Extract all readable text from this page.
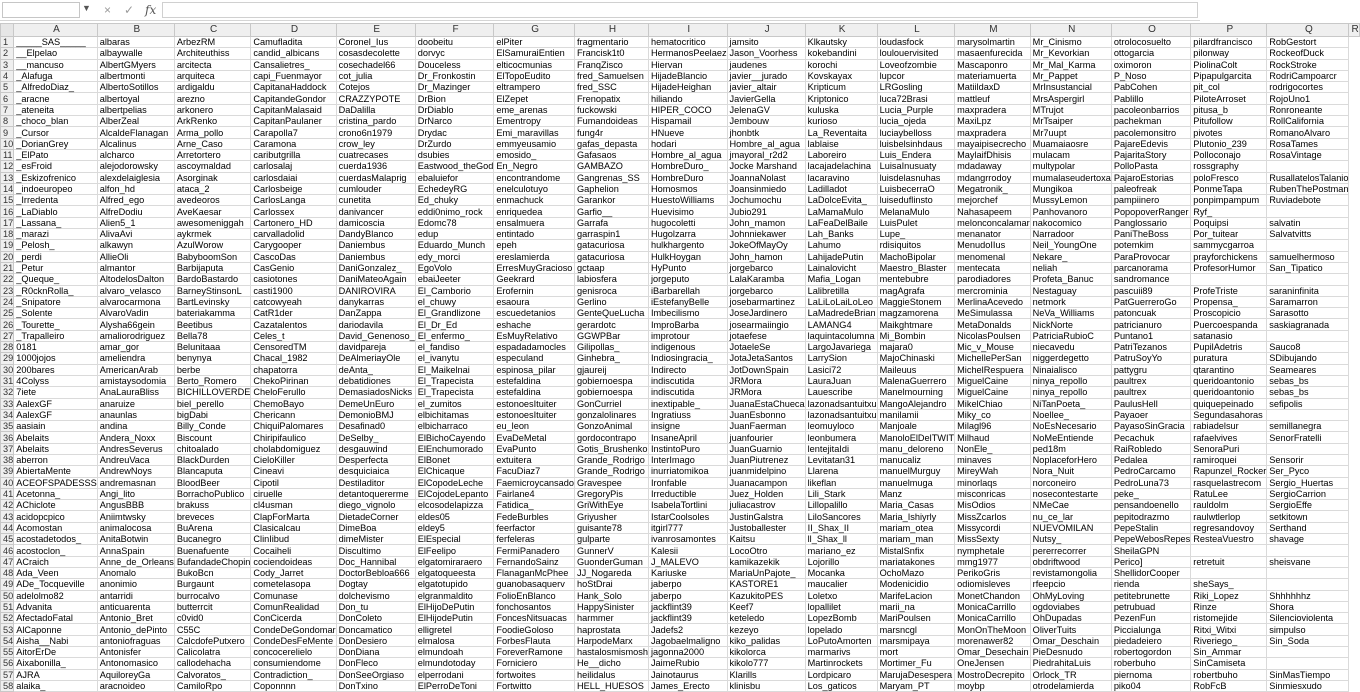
▼ × ✓ fx
	A	B	C	D	E	F	G	H	I	J	K	L	M	N	O	P	Q	R
1	_____SAS_____	albaras	ArbezRM	Camufladita	Coronel_Ius	doobeitu	elPiter	fragmentario	hematocritico	jamsito	Klkautsky	loudasfock	marysolmartin	Mr_Cinismo	otrolocosuelto	pilardfrancisco	RobGestort	
2	__Elpelao	albaywalle	Architeuthiss	candid_albicans	cosasdecolette	dorvyc	ElSamuraiEntien	Francisk1t0	HermanosPeelaez	Jason_Voorhess	kokebandini	loulouervisited	masaenfurecida	Mr_Kevorkian	ottogarcia	pilonway	RockeofDuck	
3	__mancuso	AlbertGMyers	arcitecta	Cansalietres_	cosechadel66	Douceless	elticocmunias	FranqZisco	Hiervan	jaudenes	korochi	Loveofzombie	Mascaponro	Mr_Mal_Karma	oximoron	PiolinaColt	RockStroke	
4	_Alafuga	albertmonti	arquiteca	capi_Fuenmayor	cot_julia	Dr_Fronkostin	ElTopoEudito	fred_Samuelsen	HijadeBlancio	javier__jurado	Kovskayax	lupcor	materiamuerta	Mr_Pappet	P_Noso	Pipapulgarcita	RodriCampoarcr	
5	_AlfredoDiaz_	AlbertoSotillos	ardigaldu	CapitanaHaddock	Cotejos	Dr_Mazinger	eltrampero	fred_SSC	HijadeHeighan	javier_altair	Kripticum	LRGosling	MatiildaxD	MrInsustancial	PabCohen	pit_col	rodrigocortes	
6	_aracne	albertoyal	arezno	CapitandeGondor	CRAZZYPOTE	DrBion	ElZepet	Frenopatix	hiliando	JavierGella	Kriptonico	luca72Brasi	mattleuf	MrsAspergirl	Pablillo	PiloteArroset	RojoUno1	
7	_ateneita	albertpelias	arkonero	CapitanMalasaid	DaDalilla	DrDiablo	eme_arenas	fuckowski	HIPER_COCO	JelenaGV	kuluska	Lucia_Purple	maxpradera	MTrujot	pacoleonbarrios	pitusa_b	Ronroneante	
8	_choco_blan	AlberZeal	ArkRenko	CapitanPaulaner	cristina_pardo	DrNarco	Ementropy	Fumandoideas	Hispamail	Jembouw	kurioso	lucia_ojeda	MaxiLpz	MrTsaiper	pachekman	Pitufollow	RollCalifornia	
9	_Cursor	AlcaldeFlanagan	Arma_pollo	Carapolla7	crono6n1979	Drydac	Emi_maravillas	fung4r	HNueve	jhonbtk	La_Reventaita	luciaybelloss	maxpradera	Mr7uupt	pacolemonsitro	pivotes	RomanoAlvaro	
10	_DorianGrey	Alcalinus	Arne_Caso	Caramona	crow_ley	DrZurdo	emmyeusamio	gafas_depasta	hodari	Hombre_al_agua	lablaise	luisbelsinhdaus	mayaipisecrecho	Muamaiaosre	PajareEdevis	Plutonio_239	RosaTames	
11	_ElPato	alcharco	Arretortero	caributgrilla	cuatrecases	dsubies	emosido_	Gafasaos	Hombre_al_agua	jmayoral_r2d2	Laboreiro	Luis_Endera	MaylaifDhisis	mulacam	PajaritaStory	Polloconajo	RosaVintage	
12	_esFroid	alejodorowsky	ascoymaldad	carlosalaj	cuerda1936	Eastwood_theGod	En_Negro	GAMBAZO	HombreDuro_	Jocke Marshand	lacajadelachina	LuisaInusuaty	mdadaway	multypolar	PolloPasta	rossgraphy		
13	_Eskizofrenico	alexdelaiglesia	Asorginak	carlosdaiai	cuerdasMalaprig	ebaluiefor	encontrandome	Gangrenas_SS	HombreDuro	JoannaNolast	lacaravino	luisdelasnuhas	mdangrrodoy	mumalaseudertoxa	PajaroEstorias	poloFresco	RusallatelosTalanio	
14	_indoeuropeo	alfon_hd	ataca_2	Carlosbeige	cumlouder	EchedeyRG	enelculotuyo	Gaphelion	Homosmos	Joansinmiedo	Ladilladot	LuisbecerraO	Megatronik_	Mungikoa	paleofreak	PonmeTapa	RubenThePostman	
15	_Irredenta	Alfred_ego	avedeoros	CarlosLanga	cunetita	Ed_chuky	enmachuck	Garankor	HuestoWilliams	Jochumochu	LaDolceEvita_	luiseduflinsto	mejorchef	MussyLemon	pampiinero	ponpimpampum	Ruviadebote	
16	_LaDiablo	AlfreDodiu	AveKaesar	Carlossex	danivancer	eddi0nimo_rock	enriquedea	Garfio__	Huevisimo	Jubio291	LaMamaMulo	MelanaMulo	Nahasapeem	Panhovanoro	PopopoverRanger	Ryf_		
17	_Lassana_	Alien5_1	awesomeniggah	Cartonero_HD	damicoscia	Edomc78	ensalmuera	Garrafa	hugocoletti	John_mamon	LaFeaDelBaile	LuisPulet	melonconcalamar	nakocomico	Panglossario	Poquipsi	salvatin	
18	_marazi	AlivaAvi	aykrmek	carvalladolid	DandyBlanco	edup	entintado	garraspin1	Hugolzarra	Johnniekawer	Lah_Banks	Lupe_	menanator	Narradoor	PaniTheBoss	Por_tuitear	Salvatvitts	
19	_Pelosh_	alkawyn	AzulWorow	Carygooper	Daniembus	Eduardo_Munch	epeh	gatacuriosa	hulkhargento	JokeOfMayOy	Lahumo	rdisiquitos	MenudoIIus	Neil_YoungOne	potemkim	sammycgarroa		
20	_perdi	AllieOli	BabyboomSon	CascoDas	Daniembus	edy_morci	ereslamierda	gatacuriosa	HulkHoygan	John_hamon	LahijadePutin	MachoBipolar	menomenal	Nekare_	ParaProvocar	prayforchickens	samuelhermoso	
21	_Petur	almantor	Barbijaputa	CasGenio	DaniGonzalez_	EgoVolo	ErresMuyGracioso	gctaap	HyPunto	jorgebarco	Lainalovicht	Maestro_Blaster	mentecata	neliah	parcanorama	ProfesorHumor	San_Tipatico	
22	_Queque_	AltodelosDalton	BardoBastardo	casiotones	DaniMateoAgain	ebaiJeeter	Geekrard	labiosfera	jorgeputo	LalaKaramba	Mafia_Logan	mentebubre	parodiadores	Profeta_Banuc	sandromance			
23	_R0cknRolla_	alvaro_velasco	BarneyStinsonL	casti1900	DANIROVIRA	El_Camborio	Erofernin	genisroca	iBarbarellah	jorgebarco	Lalibretilla	magAgrafa	mercrominia	Nestaguay	pascuii89	ProfeTriste	saraninfinita	
24	_Snipatore	alvarocarmona	BartLevinsky	catcowyeah	danykarras	el_chuwy	esaoura	Gerlino	iEstefanyBelle	josebarmartinez	LaLiLoLaiLoLeo	MaggieStonem	MerlinaAcevedo	netmork	PatGuerreroGo	Propensa_	Saramarron	
25	_Solente	AlvaroVadin	bateriakamma	CatR1der	DanZappa	El_Grandlizone	escuedetanios	GenteQueLucha	Imbecilismo	JoseJardinero	LaMadredeBrian	magzamorena	MeSimulassa	NeVa_Williams	patoncuak	Proscopicio	Sarasotto	
26	_Tourette_	Alysha66gein	Beetibus	Cazatalentos	dariodavila	El_Dr_Ed	eshache	gerardotc	ImproBarba	josearmaiingio	LAMANG4	Maikghtmare	MetaDonalds	NickNorte	patricianuro	Puercoespanda	saskiagranada	
27	_Trapalleiro	amaliorodriguez	Bella78	Celes_t	David_Genenoso_	El_enfermo_	EsMuyRelativo	GGWPBar	improtour	jotaefese	laquintacolumna	Mi_Bombin	NicolasPoulsen	PatriciaRubioC	Puntano1	satanasio		
28	0181	amar_gor	Belunitaaa	CensoredTM	davidpareja	el_fandiso	espadadamocles	Gilipollas_	indigenous	JotaeleSe	LargoJavariega	majara0	Mic_v_Mouse	niecavedu	PatriTezanos	PupilAdetris	Sauco8	
29	1000jojos	ameliendra	benynya	Chacal_1982	DeAlmeriayOle	el_ivanytu	especuland	Ginhebra_	Indiosingracia_	JotaJetaSantos	LarrySion	MajoChinaski	MichellePerSan	niggerdegetto	PatruSoyYo	puratura	SDibujando	
30	200bares	AmericanArab	berbe	chapatorra	deAnta_	El_Maikelnai	espinosa_pilar	gjaureij	Indirecto	JotDownSpain	Lasici72	Maileuus	MichelRespuera	Ninaialisco	pattygru	qtarantino	Seameares	
31	4Colyss	amistaysodomia	Berto_Romero	ChekoPirinan	debatidiones	El_Trapecista	estefaldina	gobiernoespa	indiscutida	JRMora	LauraJuan	MalenaGuerrero	MiguelCaine	ninya_repollo	paultrex	queridoantonio	sebas_bs	
32	7iete	AnaLauraBliss	BICHILLOVERDE	CheloFerullo	DemasiadosNicks	El_Trapecista	estefaldina	gobiernoespa	indiscutida	JRMora	Lauescribe	Manelmourning	MiguelCaine	ninya_repollo	paultrex	queridoantonio	sebas_bs	
33	AalexGF	anaruize	biel_perello	ChemoBayo	DemeUnEuro	el_zumitos	estonoesItuiter	GonCurriel	inextipable_	JuanaEstaChueca	lazonadsantuitxu	MangoAlejandro	MikelChiao	NiTanPoeta_	PaulusHell	quiquepeinado	sefipolis	
34	AalexGF	anaunlas	bigDabi	Chericann	DemonioBMJ	elbichitamas	estonoesItuiter	gonzalolinares	Ingratiuss	JuanEsbonno	lazonadsantuitxu	manilamii	Miky_co	Noellee_	Payaoer	Segundasahoras		
35	aasiain	andina	Billy_Conde	ChiquiPalomares	Desafinad0	elbicharraco	eu_leon	GonzoAnimal	insigne	JuanFaerman	leomuyloco	Manjoale	Milagl96	NoEsNecesario	PayasoSinGracia	rabiadelsur	semillanegra	
36	Abelaits	Andera_Noxx	Biscount	Chiripifaulico	DeSelby_	ElBichoCayendo	EvaDeMetal	gordocontrapo	InsaneApril	juanfourier	leonbumera	ManoloElDelTWIT	Milhaud	NoMeEntiende	Pecachuk	rafaelvives	SenorFratelli	
37	Abelaits	AndresSeverus	chitoalado	cholabdomiguez	desgauwind	ElEnchumorado	EvaPunto	Gotis_Brushenko	InstintoPuro	JuanGuarnio	lentejitaIdi	manu_deloreno	NonEle_	ped18m	RaiRobledo	SenoraPuri		
38	aberron	AndreuVaca	BlackDurden	CieloKiller	Desperfecta	ElBonet	extuitera	Grande_Rodrigo	InterImago	JuanPiutrenez	Levitatan31	manucaliz	minaves	NoplaceforHero	Pedalea	ramiroquei	Sensorir	
39	AbiertaMente	AndrewNoys	Blancaputa	Cineavi	desquiciaica	ElChicaque	FacuDiaz7	Grande_Rodrigo	inurriatomikoa	juanmidelpino	Llarena	manuelMurguy	MireyWah	Nora_Nuit	PedroCarcamo	Rapunzel_Rocker	Ser_Pyco	
40	ACEOFSPADESSS	andremasnan	BloodBeer	Cipotil	Destiladitor	ElCopodeLeche	Faemicroycansado	Gravespee	Ironfable	Juanacampon	likeflan	manuelmuga	minorlaqs	norconeiro	PedroLuna73	rasquelastrecom	Sergio_Huertas	
41	Acetonna_	Angi_lito	BorrachoPublico	ciruelle	detantoquererme	ElCojodeLepanto	Fairlane4	GregoryPis	Irreductible	Juez_Holden	Lili_Stark	Manz	misconricas	nosecontestarte	peke_	RatuLee	SergioCarrion	
42	AChiclote	AngusBBB	brakuss	cl4usman	diego_vignolo	elcosodelapizza	Fatidica_	GriWithEye	IsabelaTortlini	juliacastrov	Lillopalillo	Maria_Casas	MisOdios	NMeCae	pensandoenello	rauldolm	SergioEffe	
43	acidopcpico	Aniimtwsky	breveces	ClapForMarta	DietadeCorner	eldes05	FedeBurbles	Griyusher	IstarCoolsoles	JustinGalstra	LiloSancores	Maria_Ishiyrly	MissZcarlos	nu_ce_lar	pepitodrazmo	raulwtlerlop	setkitown	
44	Acomostan	animalocosa	BuArena	Clasicalcau	DimeBoa	eldey5	feerfactor	guisante78	itgirl777	Justoballester	II_Shax_II	mariam_otea	Missycordi	NUEVOMILAN	PepeStalin	regresandovoy	Serthand	
45	acostadetodos_	AnitaBotwin	Bucanegro	ClinIibud	dimeMister	ElEspecial	ferfeleras	gulparte	ivanrosamontes	Kaitsu	ll_Shax_ll	mariam_man	MissSexty	Nutsy_	PepeWebosRepes	ResteaVuestro	shavage	
46	acostoclon_	AnnaSpain	Buenafuente	Cocaiheli	Discultimo	ElFeelipo	FermiPanadero	GunnerV	Kalesii	LocoOtro	mariano_ez	MistalSnfix	nymphetale	pererrecorrer	SheilaGPN			
47	ACraich	Anne_de_Orleans	BufandadeChopin	cociendoideas	Doc_Hannibal	elgatomiraraero	FernandoSainz	GuonderGuman	J_MALEVO	kamikazekik	Lojorillo	mariatakones	mmg1977	obdriftwood	Perico]	retretuit	sheisvane	
48	Ada_Veen	Anomalo	BukoBcn	Cody_Jarret	DoctorBebloa666	elgatoqueesta	FlanaganMcPhee	JJ_Nogareda	Kariuske	MariaUnPajote_	Mocanka	OchoMazo	PerikoGris	revistamongolia	ShellidorCooper			
49	ADe_Tocqueville	anonimio	Burgaunt	cometelasopa	Dogtay	elgatotupido	guanobasaquerv	hoStDrai	jaberpo	KASTORE1	maucalier	Modenicidio	odiomisleves	rfeepcio	rienda	sheSays_		
50	adelolmo82	antarridi	burrocalvo	Comunase	dolchevismo	elgranmaldito	FolioEnBlanco	Hank_Solo	jaberpo	KazukitoPES	Loletxo	MarifeLacion	MonetChandon	OhMyLoving	petitebrunette	Riki_Lopez	Shhhhhhz	
51	Advanita	anticuarenta	butterrcit	ComunRealidad	Don_tu	ElHijoDePutin	fonchosantos	HappySinister	jackflint39	Keef7	lopallilet	marii_na	MonicaCarrillo	ogdoviabes	petrubuad	Rinze	Shora	
52	AfectadoFatal	Antonio_Bret	c0vid0	ConCicerda	DonColeto	ElHijodePutin	FoncesNitsuacas	harmmer	jackflint39	keteledo	LopezBomb	MariPoulsen	MonicaCarrillo	OhDupadas	PezenFun	ristomejide	Silencioviolenta	
53	AlCaponne	Antonio_dePinto	C55C	CondeDeGondomar	Doncamatico	elligretel	FoodieGoloso	haprostata	Jadefs2	kezeyo	lopelado	marsncgl	MonOnTheMoon	OliverTuits	Piccialunga	Ritxi_Witxi	simpulso	
54	Aisha__Nabi	antoniofraguas	CalcdofePutxero	CondeDesFeMente	DonDesiero	elmalosa	ForbesFlauta	HarpodeMarx	Jagobaelmaligno	kiko_palidas	LoPutoAmorten	marsmipaya	morenawer82	Omar_Deschain	piedadeiero	Riveriego_	Sin_Soda	
55	AitorErDe	Antonisfer	Calicolatra	concocerelielo	DonDiana	elmundoah	ForeverRamone	hastalosmismosh	jagonna2000	kikolorca	marmarivs	mort	Omar_Desechain	PieDesnudo	robertogordon	Sin_Ammar		
56	Aixabonilla_	Antonomasico	callodehacha	consumiendome	DonFleco	elmundotoday	Forniciero	He__dicho	JaimeRubio	kikolo777	Martinrockets	Mortimer_Fu	OneJensen	PiedrahitaLuis	roberbuho	SinCamiseta		
57	AJRA	AquiloreyGa	Calvoratos_	Contradiction_	DonSeeOrgiaso	elperrodani	fortwoites	heilidalus	Jainotaurus	Klarills	Lordpicaro	MarujaDesespera	MostroDecrepito	Orlock_TR	piernoma	robertbuho	SinMasTiempo	
58	alaika_	aracnoideo	CamiloRpo	Coponnnn	DonTxino	ElPerroDeToni	Fortwitto	HELL_HUESOS	James_Erecto	klinisbu	Los_gaticos	Maryam_PT	moybp	otrodelamierda	piko04	RobFcB	Sinmiesxudo	
